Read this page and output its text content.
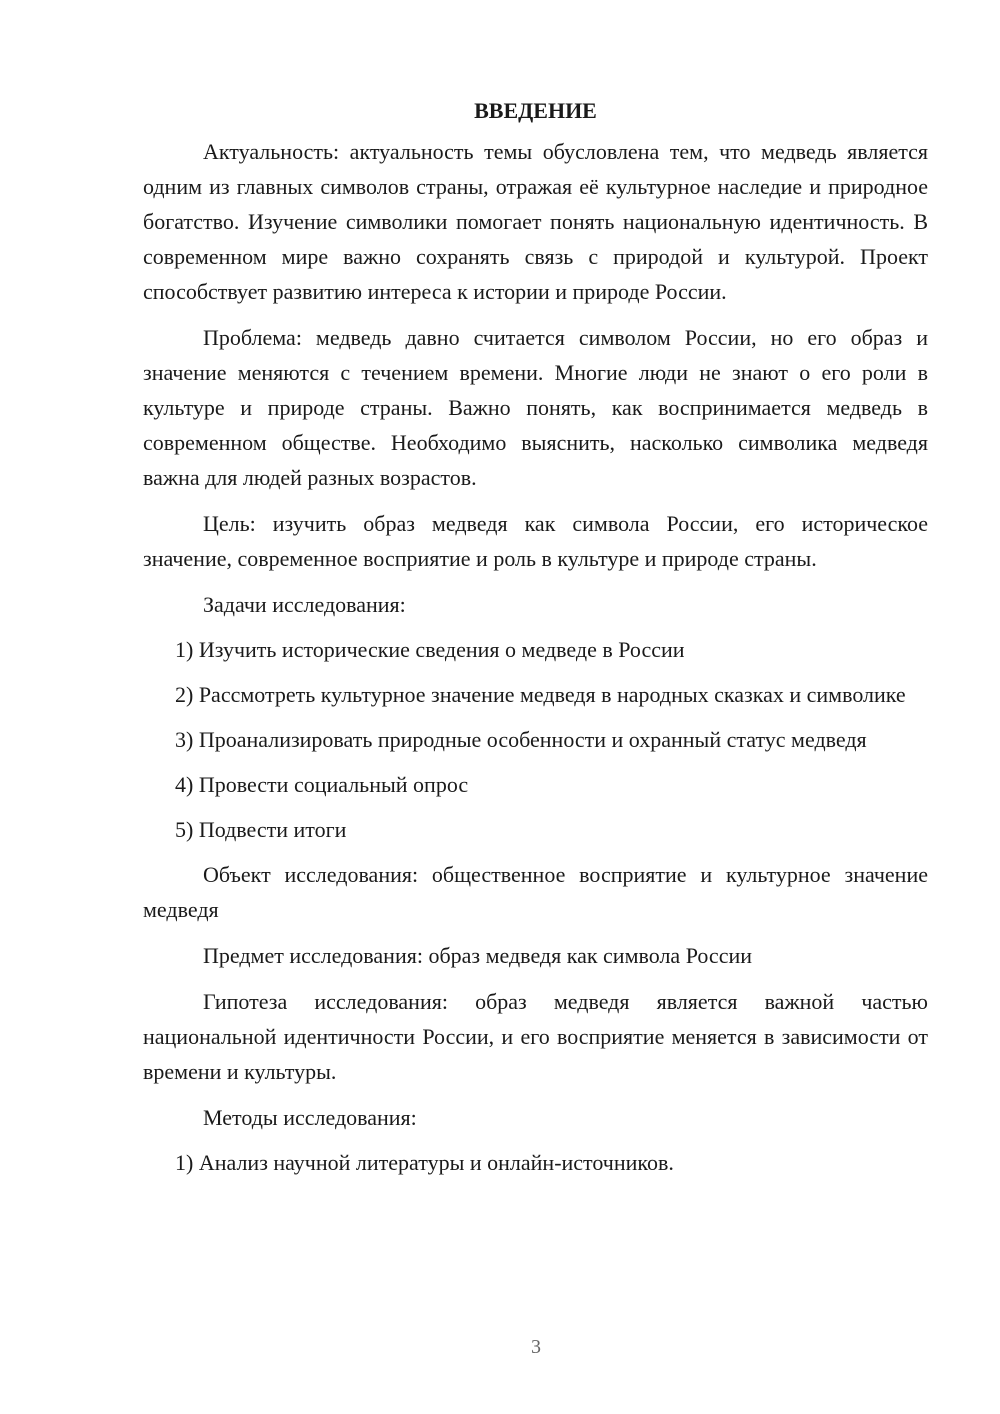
ВВЕДЕНИЕ

Актуальность: актуальность темы обусловлена тем, что медведь является одним из главных символов страны, отражая её культурное наследие и природное богатство. Изучение символики помогает понять национальную идентичность. В современном мире важно сохранять связь с природой и культурой. Проект способствует развитию интереса к истории и природе России.

Проблема: медведь давно считается символом России, но его образ и значение меняются с течением времени. Многие люди не знают о его роли в культуре и природе страны. Важно понять, как воспринимается медведь в современном обществе. Необходимо выяснить, насколько символика медведя важна для людей разных возрастов.

Цель: изучить образ медведя как символа России, его историческое значение, современное восприятие и роль в культуре и природе страны.

Задачи исследования:

1) Изучить исторические сведения о медведе в России

2) Рассмотреть культурное значение медведя в народных сказках и символике

3) Проанализировать природные особенности и охранный статус медведя

4) Провести социальный опрос

5) Подвести итоги

Объект исследования: общественное восприятие и культурное значение медведя

Предмет исследования: образ медведя как символа России

Гипотеза исследования: образ медведя является важной частью национальной идентичности России, и его восприятие меняется в зависимости от времени и культуры.

Методы исследования:

1) Анализ научной литературы и онлайн-источников.

3
